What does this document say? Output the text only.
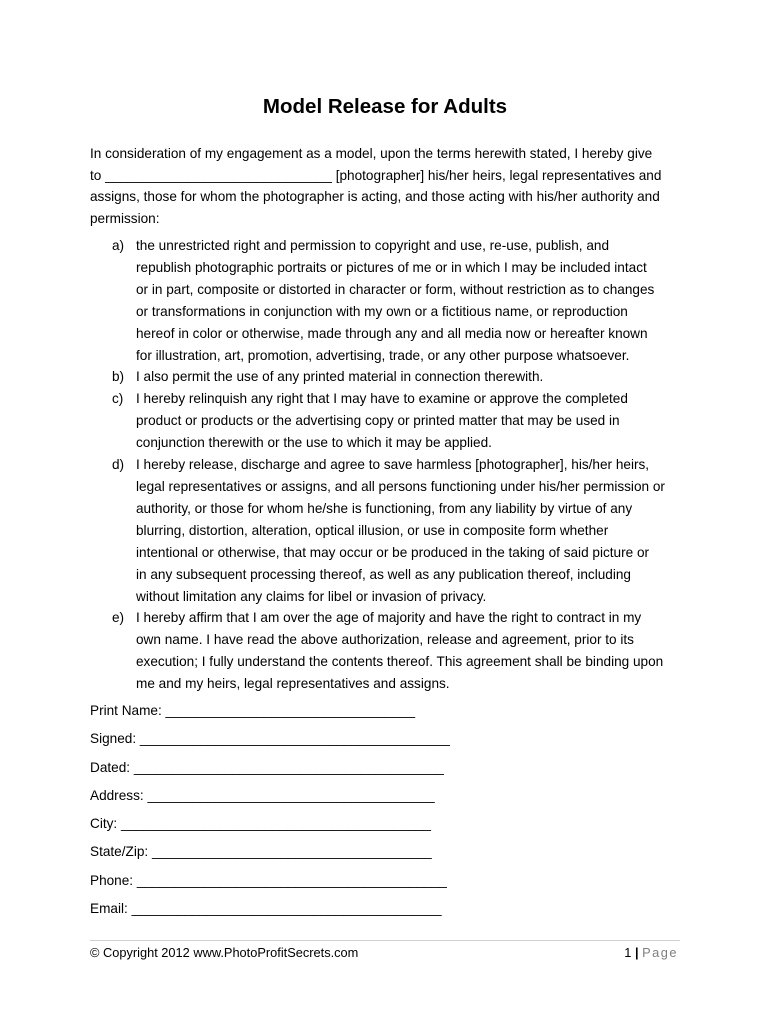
Model Release for Adults
In consideration of my engagement as a model, upon the terms herewith stated, I hereby give
to ______________________________ [photographer] his/her heirs, legal representatives and
assigns, those for whom the photographer is acting, and those acting with his/her authority and
permission:
a) the unrestricted right and permission to copyright and use, re-use, publish, and
republish photographic portraits or pictures of me or in which I may be included intact
or in part, composite or distorted in character or form, without restriction as to changes
or transformations in conjunction with my own or a fictitious name, or reproduction
hereof in color or otherwise, made through any and all media now or hereafter known
for illustration, art, promotion, advertising, trade, or any other purpose whatsoever.
b) I also permit the use of any printed material in connection therewith.
c) I hereby relinquish any right that I may have to examine or approve the completed
product or products or the advertising copy or printed matter that may be used in
conjunction therewith or the use to which it may be applied.
d) I hereby release, discharge and agree to save harmless [photographer], his/her heirs,
legal representatives or assigns, and all persons functioning under his/her permission or
authority, or those for whom he/she is functioning, from any liability by virtue of any
blurring, distortion, alteration, optical illusion, or use in composite form whether
intentional or otherwise, that may occur or be produced in the taking of said picture or
in any subsequent processing thereof, as well as any publication thereof, including
without limitation any claims for libel or invasion of privacy.
e) I hereby affirm that I am over the age of majority and have the right to contract in my
own name. I have read the above authorization, release and agreement, prior to its
execution; I fully understand the contents thereof. This agreement shall be binding upon
me and my heirs, legal representatives and assigns.
Print Name: _________________________________
Signed: _________________________________________
Dated: _________________________________________
Address: ______________________________________
City: _________________________________________
State/Zip: _____________________________________
Phone: _________________________________________
Email: _________________________________________
© Copyright 2012 www.PhotoProfitSecrets.com	1 | Page
